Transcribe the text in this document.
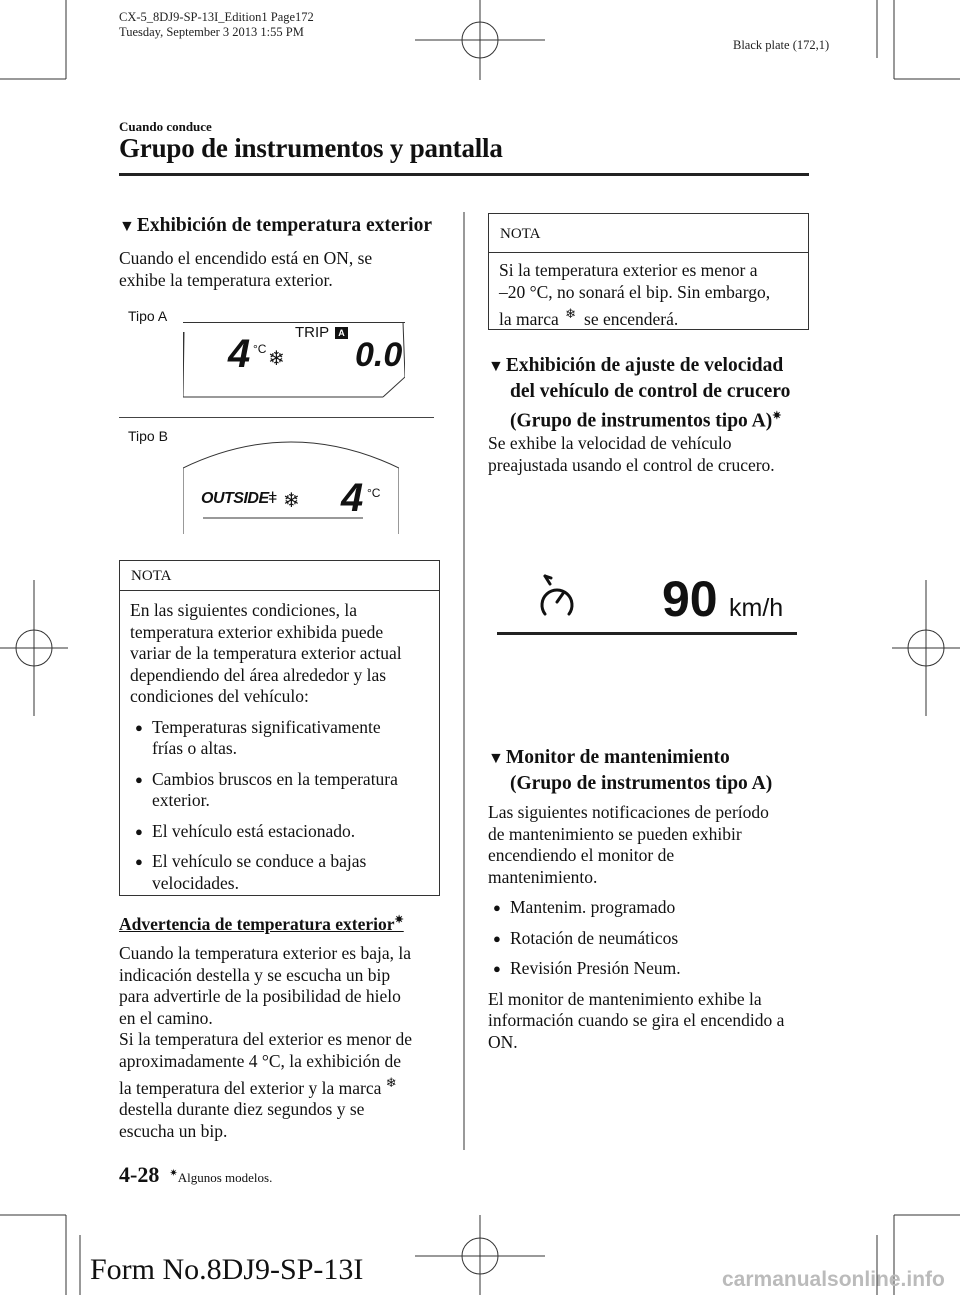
CX-5_8DJ9-SP-13I_Edition1 Page172
Tuesday, September 3 2013 1:55 PM
Black plate (172,1)
Cuando conduce
Grupo de instrumentos y pantalla
▼ Exhibición de temperatura exterior
Cuando el encendido está en ON, se
exhibe la temperatura exterior.
Tipo A
TRIP	A
4 °C ❄ 0.0
Tipo B
OUTSIDE ǂ ❄ 4 °C
NOTA
En las siguientes condiciones, la
temperatura exterior exhibida puede
variar de la temperatura exterior actual
dependiendo del área alrededor y las
condiciones del vehículo:
● Temperaturas significativamente
frías o altas.
● Cambios bruscos en la temperatura
exterior.
● El vehículo está estacionado.
● El vehículo se conduce a bajas
velocidades.
Advertencia de temperatura exterior✷
Cuando la temperatura exterior es baja, la
indicación destella y se escucha un bip
para advertirle de la posibilidad de hielo
en el camino.
Si la temperatura del exterior es menor de
aproximadamente 4 °C, la exhibición de
la temperatura del exterior y la marca ❄
destella durante diez segundos y se
escucha un bip.
NOTA
Si la temperatura exterior es menor a
–20 °C, no sonará el bip. Sin embargo,
la marca ❄ se encenderá.
▼ Exhibición de ajuste de velocidad
del vehículo de control de crucero
(Grupo de instrumentos tipo A)✷
Se exhibe la velocidad de vehículo
preajustada usando el control de crucero.
90 km/h
▼ Monitor de mantenimiento
(Grupo de instrumentos tipo A)
Las siguientes notificaciones de período
de mantenimiento se pueden exhibir
encendiendo el monitor de
mantenimiento.
● Mantenim. programado
● Rotación de neumáticos
● Revisión Presión Neum.
El monitor de mantenimiento exhibe la
información cuando se gira el encendido a
ON.
4-28 ✷Algunos modelos.
Form No.8DJ9-SP-13I	carmanualsonline.info
